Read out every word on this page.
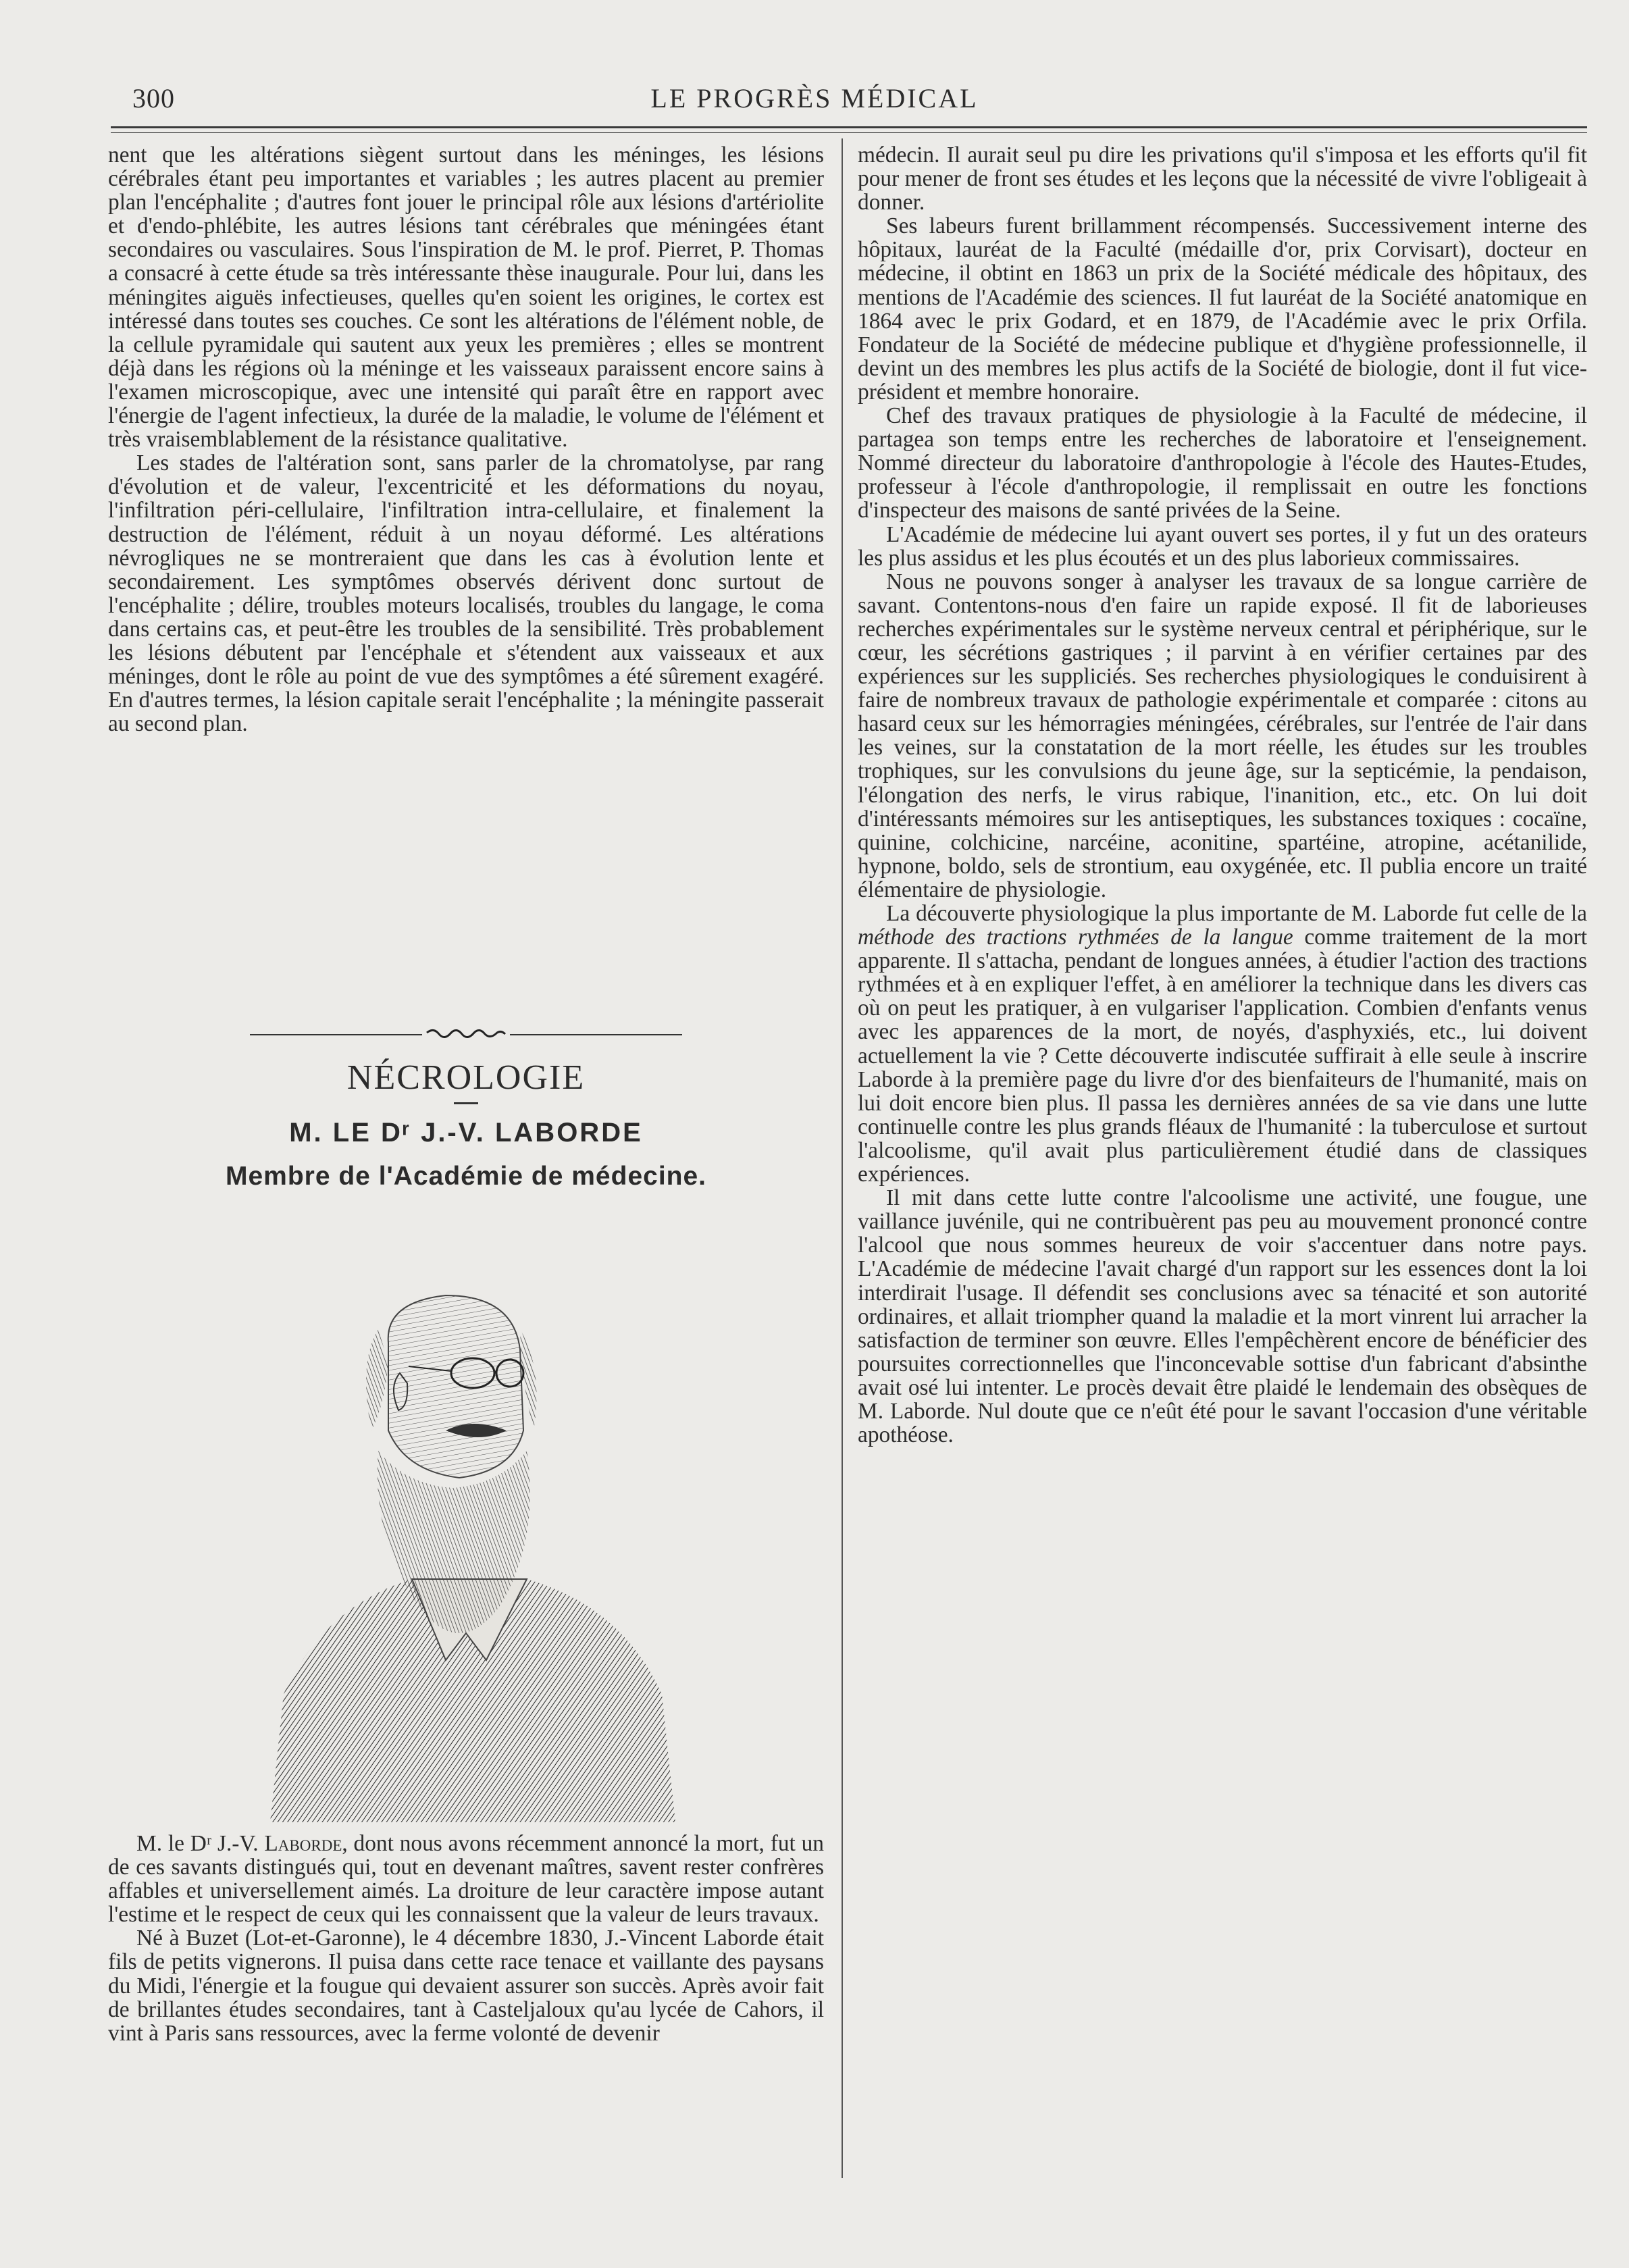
300	LE PROGRÈS MÉDICAL

nent que les altérations siègent surtout dans les méninges, les lésions cérébrales étant peu importantes et variables ; les autres placent au premier plan l'encéphalite ; d'autres font jouer le principal rôle aux lésions d'artériolite et d'endo-phlébite, les autres lésions tant cérébrales que méningées étant secondaires ou vasculaires. Sous l'inspiration de M. le prof. Pierret, P. Thomas a consacré à cette étude sa très intéressante thèse inaugurale. Pour lui, dans les méningites aiguës infectieuses, quelles qu'en soient les origines, le cortex est intéressé dans toutes ses couches. Ce sont les altérations de l'élément noble, de la cellule pyramidale qui sautent aux yeux les premières ; elles se montrent déjà dans les régions où la méninge et les vaisseaux paraissent encore sains à l'examen microscopique, avec une intensité qui paraît être en rapport avec l'énergie de l'agent infectieux, la durée de la maladie, le volume de l'élément et très vraisemblablement de la résistance qualitative.

Les stades de l'altération sont, sans parler de la chromatolyse, par rang d'évolution et de valeur, l'excentricité et les déformations du noyau, l'infiltration péri-cellulaire, l'infiltration intra-cellulaire, et finalement la destruction de l'élément, réduit à un noyau déformé. Les altérations névrogliques ne se montreraient que dans les cas à évolution lente et secondairement. Les symptômes observés dérivent donc surtout de l'encéphalite ; délire, troubles moteurs localisés, troubles du langage, le coma dans certains cas, et peut-être les troubles de la sensibilité. Très probablement les lésions débutent par l'encéphale et s'étendent aux vaisseaux et aux méninges, dont le rôle au point de vue des symptômes a été sûrement exagéré. En d'autres termes, la lésion capitale serait l'encéphalite ; la méningite passerait au second plan.

NÉCROLOGIE
M. LE Dʳ J.-V. LABORDE
Membre de l'Académie de médecine.

M. le Dʳ J.-V. Laborde, dont nous avons récemment annoncé la mort, fut un de ces savants distingués qui, tout en devenant maîtres, savent rester confrères affables et universellement aimés. La droiture de leur caractère impose autant l'estime et le respect de ceux qui les connaissent que la valeur de leurs travaux.

Né à Buzet (Lot-et-Garonne), le 4 décembre 1830, J.-Vincent Laborde était fils de petits vignerons. Il puisa dans cette race tenace et vaillante des paysans du Midi, l'énergie et la fougue qui devaient assurer son succès. Après avoir fait de brillantes études secondaires, tant à Casteljaloux qu'au lycée de Cahors, il vint à Paris sans ressources, avec la ferme volonté de devenir

médecin. Il aurait seul pu dire les privations qu'il s'imposa et les efforts qu'il fit pour mener de front ses études et les leçons que la nécessité de vivre l'obligeait à donner.

Ses labeurs furent brillamment récompensés. Successivement interne des hôpitaux, lauréat de la Faculté (médaille d'or, prix Corvisart), docteur en médecine, il obtint en 1863 un prix de la Société médicale des hôpitaux, des mentions de l'Académie des sciences. Il fut lauréat de la Société anatomique en 1864 avec le prix Godard, et en 1879, de l'Académie avec le prix Orfila. Fondateur de la Société de médecine publique et d'hygiène professionnelle, il devint un des membres les plus actifs de la Société de biologie, dont il fut vice-président et membre honoraire.

Chef des travaux pratiques de physiologie à la Faculté de médecine, il partagea son temps entre les recherches de laboratoire et l'enseignement. Nommé directeur du laboratoire d'anthropologie à l'école des Hautes-Etudes, professeur à l'école d'anthropologie, il remplissait en outre les fonctions d'inspecteur des maisons de santé privées de la Seine.

L'Académie de médecine lui ayant ouvert ses portes, il y fut un des orateurs les plus assidus et les plus écoutés et un des plus laborieux commissaires.

Nous ne pouvons songer à analyser les travaux de sa longue carrière de savant. Contentons-nous d'en faire un rapide exposé. Il fit de laborieuses recherches expérimentales sur le système nerveux central et périphérique, sur le cœur, les sécrétions gastriques ; il parvint à en vérifier certaines par des expériences sur les suppliciés. Ses recherches physiologiques le conduisirent à faire de nombreux travaux de pathologie expérimentale et comparée : citons au hasard ceux sur les hémorragies méningées, cérébrales, sur l'entrée de l'air dans les veines, sur la constatation de la mort réelle, les études sur les troubles trophiques, sur les convulsions du jeune âge, sur la septicémie, la pendaison, l'élongation des nerfs, le virus rabique, l'inanition, etc., etc. On lui doit d'intéressants mémoires sur les antiseptiques, les substances toxiques : cocaïne, quinine, colchicine, narcéine, aconitine, spartéine, atropine, acétanilide, hypnone, boldo, sels de strontium, eau oxygénée, etc. Il publia encore un traité élémentaire de physiologie.

La découverte physiologique la plus importante de M. Laborde fut celle de la méthode des tractions rythmées de la langue comme traitement de la mort apparente. Il s'attacha, pendant de longues années, à étudier l'action des tractions rythmées et à en expliquer l'effet, à en améliorer la technique dans les divers cas où on peut les pratiquer, à en vulgariser l'application. Combien d'enfants venus avec les apparences de la mort, de noyés, d'asphyxiés, etc., lui doivent actuellement la vie ? Cette découverte indiscutée suffirait à elle seule à inscrire Laborde à la première page du livre d'or des bienfaiteurs de l'humanité, mais on lui doit encore bien plus. Il passa les dernières années de sa vie dans une lutte continuelle contre les plus grands fléaux de l'humanité : la tuberculose et surtout l'alcoolisme, qu'il avait plus particulièrement étudié dans de classiques expériences.

Il mit dans cette lutte contre l'alcoolisme une activité, une fougue, une vaillance juvénile, qui ne contribuèrent pas peu au mouvement prononcé contre l'alcool que nous sommes heureux de voir s'accentuer dans notre pays. L'Académie de médecine l'avait chargé d'un rapport sur les essences dont la loi interdirait l'usage. Il défendit ses conclusions avec sa ténacité et son autorité ordinaires, et allait triompher quand la maladie et la mort vinrent lui arracher la satisfaction de terminer son œuvre. Elles l'empêchèrent encore de bénéficier des poursuites correctionnelles que l'inconcevable sottise d'un fabricant d'absinthe avait osé lui intenter. Le procès devait être plaidé le lendemain des obsèques de M. Laborde. Nul doute que ce n'eût été pour le savant l'occasion d'une véritable apothéose.
